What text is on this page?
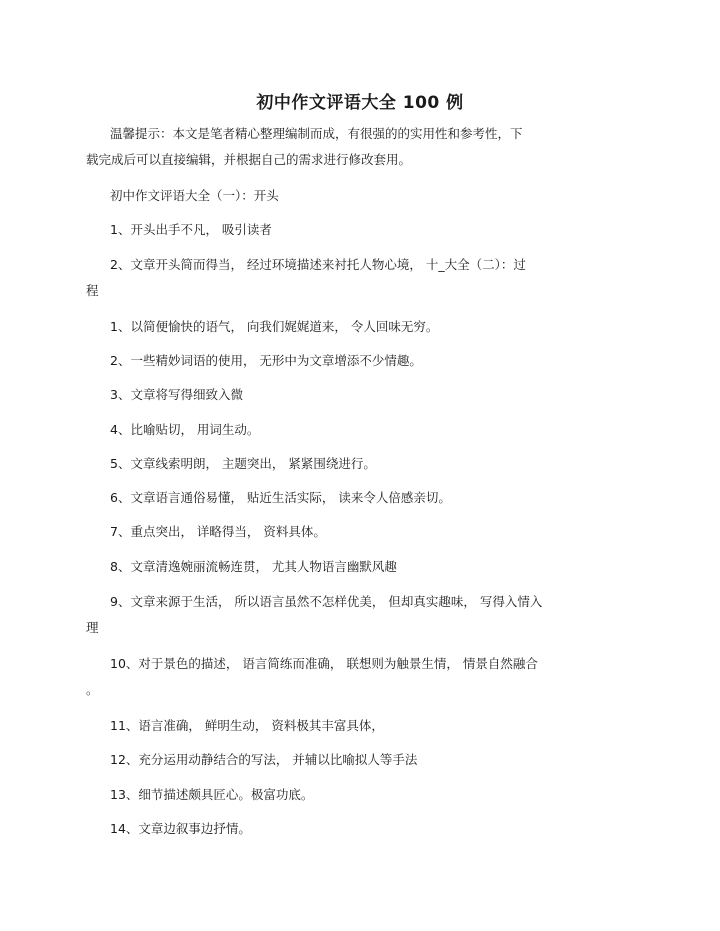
初中作文评语大全 100 例
温馨提示：本文是笔者精心整理编制而成，有很强的的实用性和参考性，下
载完成后可以直接编辑，并根据自己的需求进行修改套用。
初中作文评语大全（一）：开头
1、开头出手不凡， 吸引读者
2、文章开头简而得当， 经过环境描述来衬托人物心境， 十_大全（二）：过
程
1、以简便愉快的语气， 向我们娓娓道来， 令人回味无穷。
2、一些精妙词语的使用， 无形中为文章增添不少情趣。
3、文章将写得细致入微
4、比喻贴切， 用词生动。
5、文章线索明朗， 主题突出， 紧紧围绕进行。
6、文章语言通俗易懂， 贴近生活实际， 读来令人倍感亲切。
7、重点突出， 详略得当， 资料具体。
8、文章清逸婉丽流畅连贯， 尤其人物语言幽默风趣
9、文章来源于生活， 所以语言虽然不怎样优美， 但却真实趣味， 写得入情入
理
10、对于景色的描述， 语言简练而准确， 联想则为触景生情， 情景自然融合
。
11、语言准确， 鲜明生动， 资料极其丰富具体，
12、充分运用动静结合的写法， 并辅以比喻拟人等手法
13、细节描述颇具匠心。极富功底。
14、文章边叙事边抒情。
